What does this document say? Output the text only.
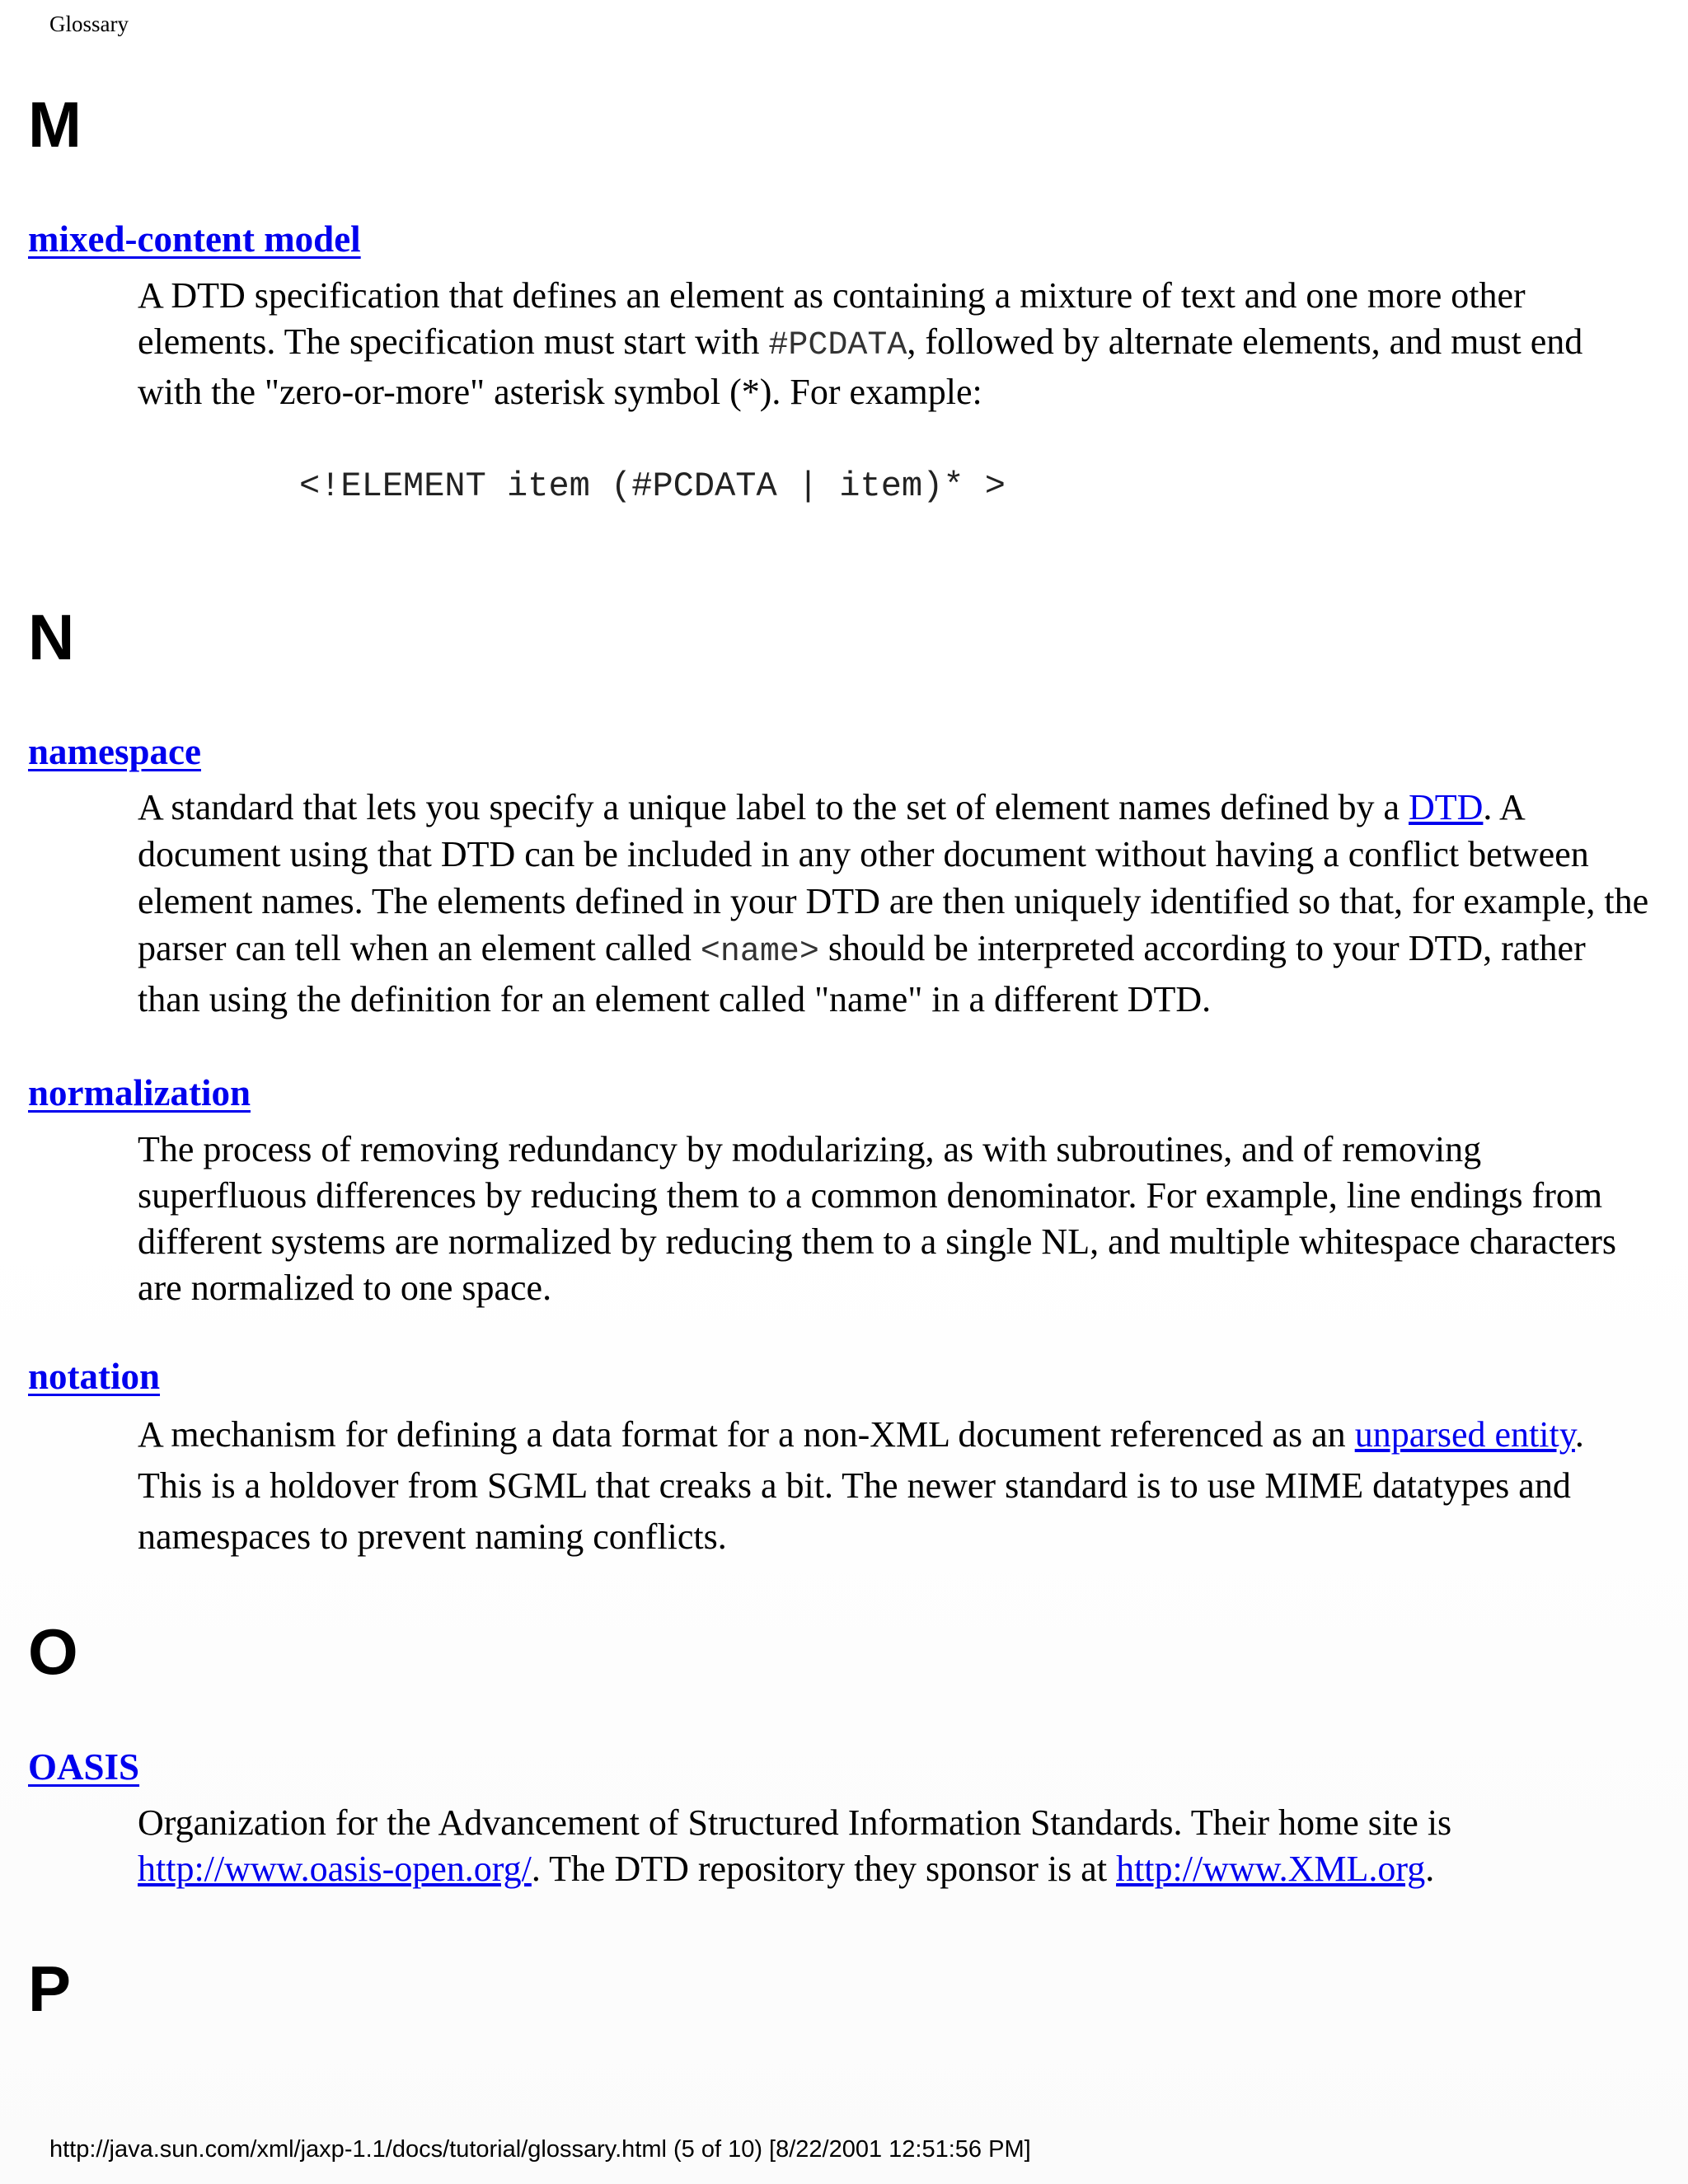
Glossary
M
mixed-content model
A DTD specification that defines an element as containing a mixture of text and one more other elements. The specification must start with #PCDATA, followed by alternate elements, and must end with the "zero-or-more" asterisk symbol (*). For example:
<!ELEMENT item (#PCDATA | item)* >
N
namespace
A standard that lets you specify a unique label to the set of element names defined by a DTD. A document using that DTD can be included in any other document without having a conflict between element names. The elements defined in your DTD are then uniquely identified so that, for example, the parser can tell when an element called <name> should be interpreted according to your DTD, rather than using the definition for an element called "name" in a different DTD.
normalization
The process of removing redundancy by modularizing, as with subroutines, and of removing superfluous differences by reducing them to a common denominator. For example, line endings from different systems are normalized by reducing them to a single NL, and multiple whitespace characters are normalized to one space.
notation
A mechanism for defining a data format for a non-XML document referenced as an unparsed entity. This is a holdover from SGML that creaks a bit. The newer standard is to use MIME datatypes and namespaces to prevent naming conflicts.
O
OASIS
Organization for the Advancement of Structured Information Standards. Their home site is http://www.oasis-open.org/. The DTD repository they sponsor is at http://www.XML.org.
P
http://java.sun.com/xml/jaxp-1.1/docs/tutorial/glossary.html (5 of 10) [8/22/2001 12:51:56 PM]
